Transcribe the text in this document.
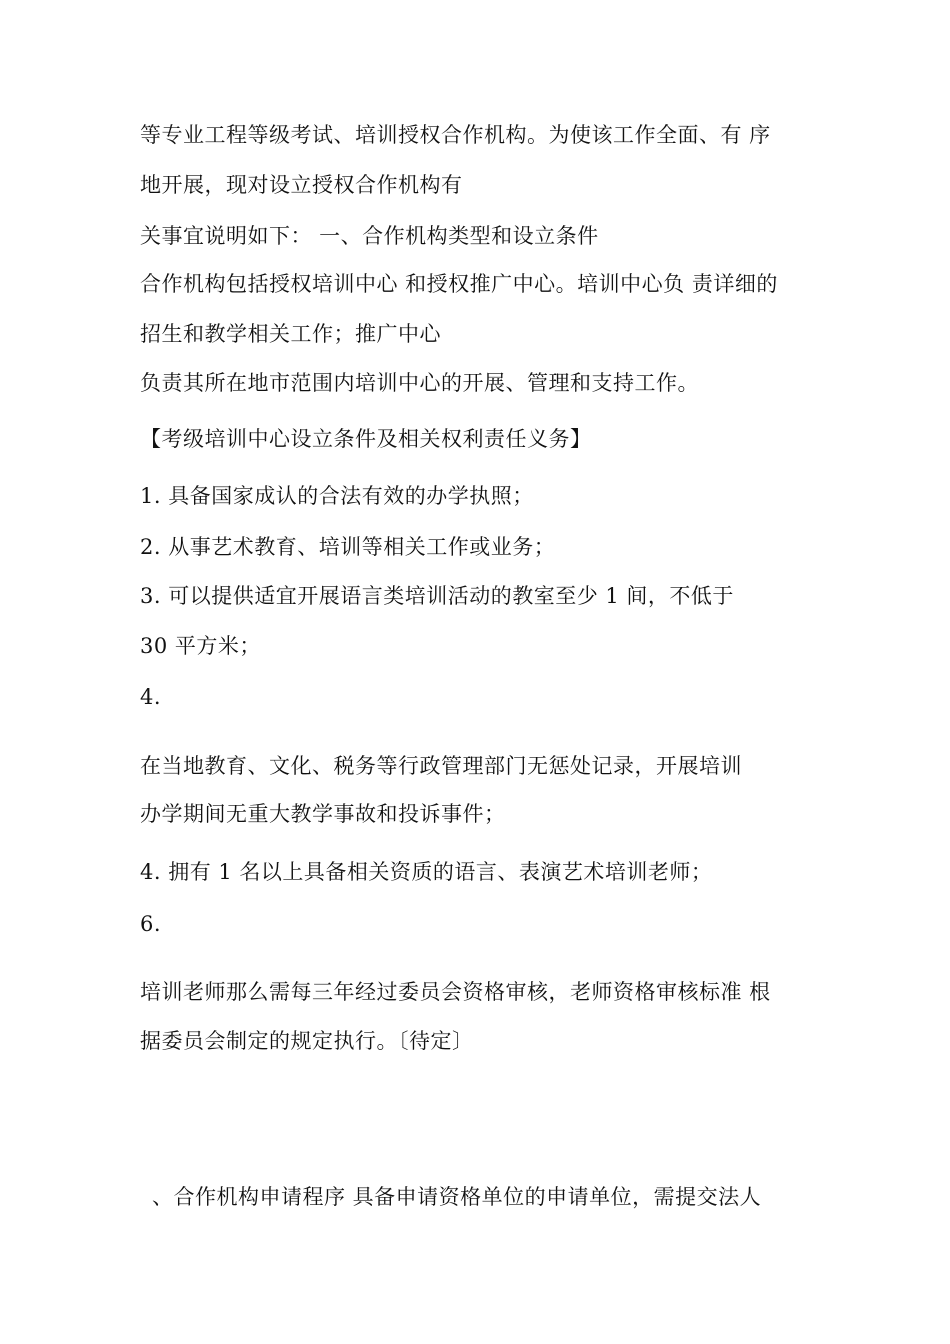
等专业工程等级考试、培训授权合作机构。为使该工作全面、有 序
地开展，现对设立授权合作机构有
关事宜说明如下： 一、合作机构类型和设立条件
合作机构包括授权培训中心 和授权推广中心。培训中心负 责详细的
招生和教学相关工作；推广中心
负责其所在地市范围内培训中心的开展、管理和支持工作。
【考级培训中心设立条件及相关权利责任义务】
1. 具备国家成认的合法有效的办学执照；
2. 从事艺术教育、培训等相关工作或业务；
3. 可以提供适宜开展语言类培训活动的教室至少 1 间，不低于
30 平方米；
4.
在当地教育、文化、税务等行政管理部门无惩处记录，开展培训
办学期间无重大教学事故和投诉事件；
4. 拥有 1 名以上具备相关资质的语言、表演艺术培训老师；
6.
培训老师那么需每三年经过委员会资格审核，老师资格审核标准 根
据委员会制定的规定执行。〔待定〕
、合作机构申请程序 具备申请资格单位的申请单位，需提交法人
